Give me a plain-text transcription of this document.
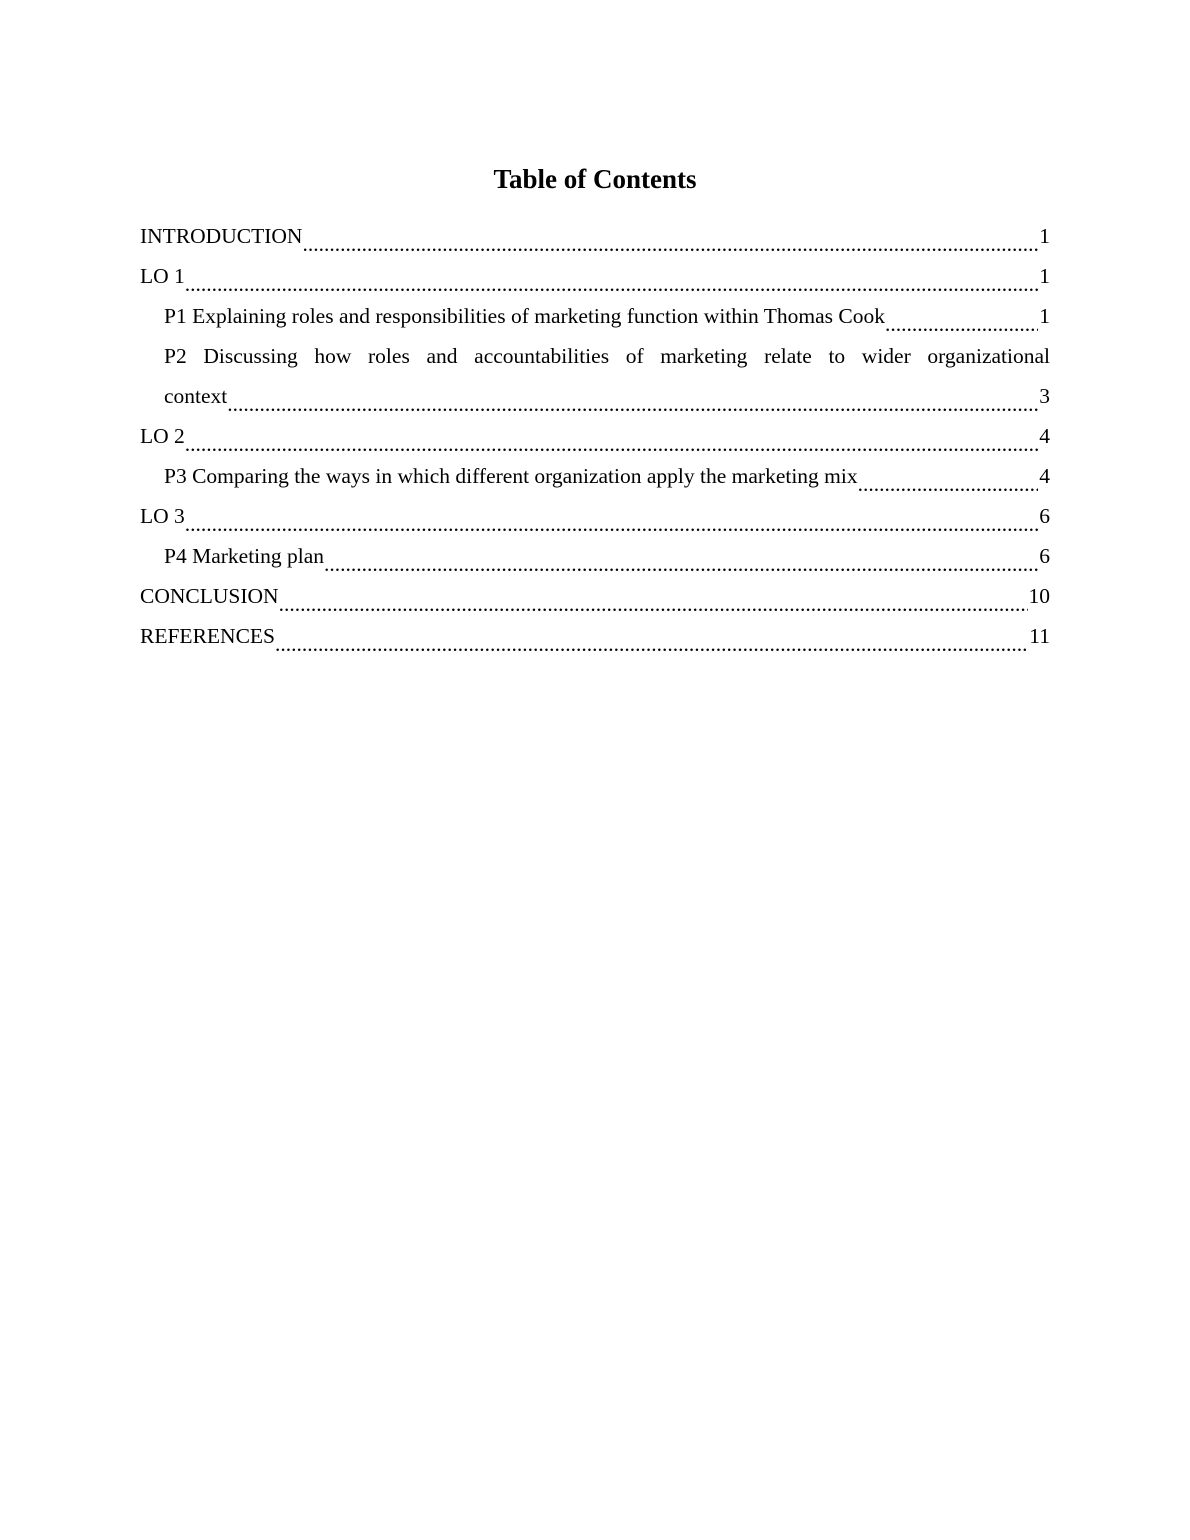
Table of Contents
INTRODUCTION .....	1
LO 1 .....	1
P1 Explaining roles and responsibilities of marketing function within Thomas Cook .....	1
P2 Discussing how roles and accountabilities of marketing relate to wider organizational
context .....	3
LO 2 .....	4
P3 Comparing the ways in which different organization apply the marketing mix .....	4
LO 3 .....	6
P4 Marketing plan .....	6
CONCLUSION .....	10
REFERENCES .....	11
